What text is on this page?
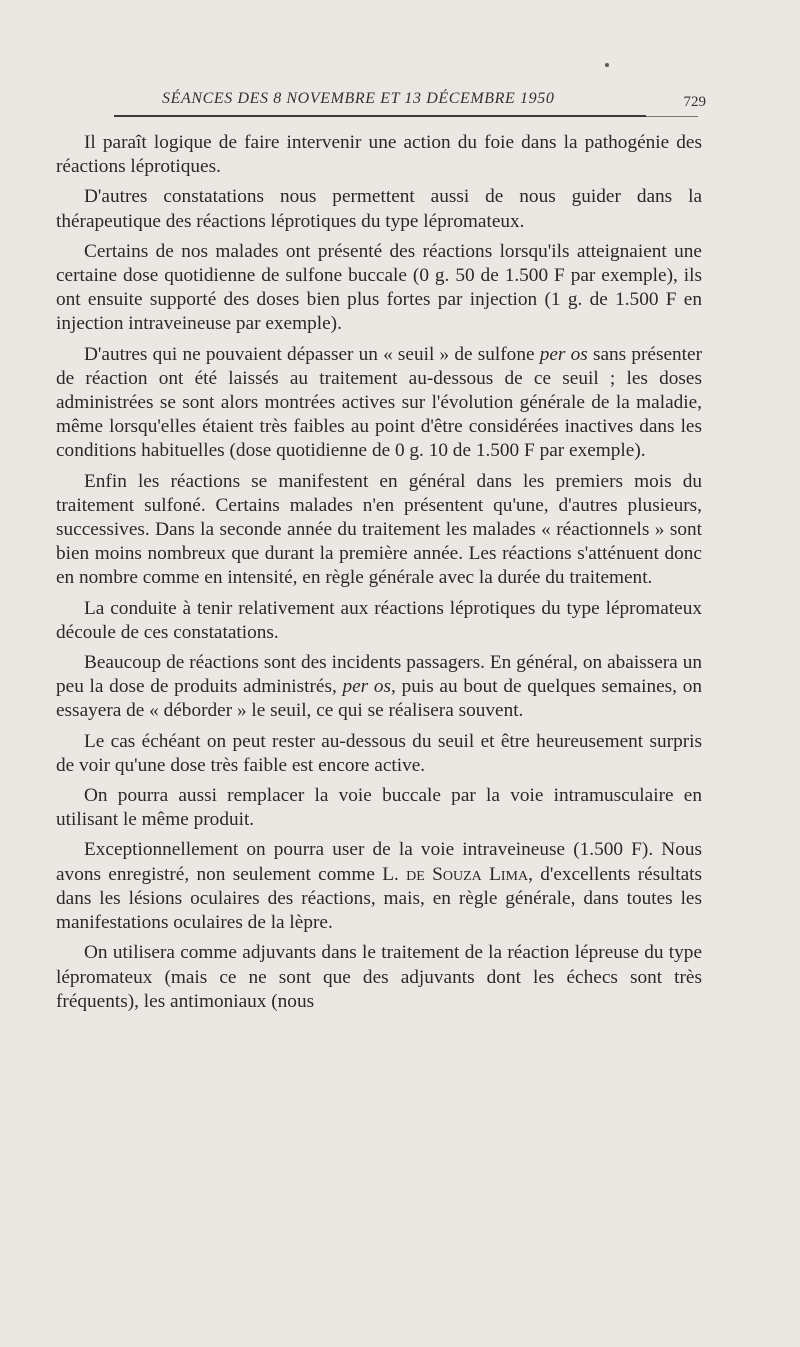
SÉANCES DES 8 NOVEMBRE ET 13 DÉCEMBRE 1950	729

Il paraît logique de faire intervenir une action du foie dans la pathogénie des réactions léprotiques.

D'autres constatations nous permettent aussi de nous guider dans la thérapeutique des réactions léprotiques du type lépromateux.

Certains de nos malades ont présenté des réactions lorsqu'ils atteignaient une certaine dose quotidienne de sulfone buccale (0 g. 50 de 1.500 F par exemple), ils ont ensuite supporté des doses bien plus fortes par injection (1 g. de 1.500 F en injection intraveineuse par exemple).

D'autres qui ne pouvaient dépasser un « seuil » de sulfone per os sans présenter de réaction ont été laissés au traitement au-dessous de ce seuil ; les doses administrées se sont alors montrées actives sur l'évolution générale de la maladie, même lorsqu'elles étaient très faibles au point d'être considérées inactives dans les conditions habituelles (dose quotidienne de 0 g. 10 de 1.500 F par exemple).

Enfin les réactions se manifestent en général dans les premiers mois du traitement sulfoné. Certains malades n'en présentent qu'une, d'autres plusieurs, successives. Dans la seconde année du traitement les malades « réactionnels » sont bien moins nombreux que durant la première année. Les réactions s'atténuent donc en nombre comme en intensité, en règle générale avec la durée du traitement.

La conduite à tenir relativement aux réactions léprotiques du type lépromateux découle de ces constatations.

Beaucoup de réactions sont des incidents passagers. En général, on abaissera un peu la dose de produits administrés, per os, puis au bout de quelques semaines, on essayera de « déborder » le seuil, ce qui se réalisera souvent.

Le cas échéant on peut rester au-dessous du seuil et être heureusement surpris de voir qu'une dose très faible est encore active.

On pourra aussi remplacer la voie buccale par la voie intramusculaire en utilisant le même produit.

Exceptionnellement on pourra user de la voie intraveineuse (1.500 F). Nous avons enregistré, non seulement comme L. de Souza Lima, d'excellents résultats dans les lésions oculaires des réactions, mais, en règle générale, dans toutes les manifestations oculaires de la lèpre.

On utilisera comme adjuvants dans le traitement de la réaction lépreuse du type lépromateux (mais ce ne sont que des adjuvants dont les échecs sont très fréquents), les antimoniaux (nous
